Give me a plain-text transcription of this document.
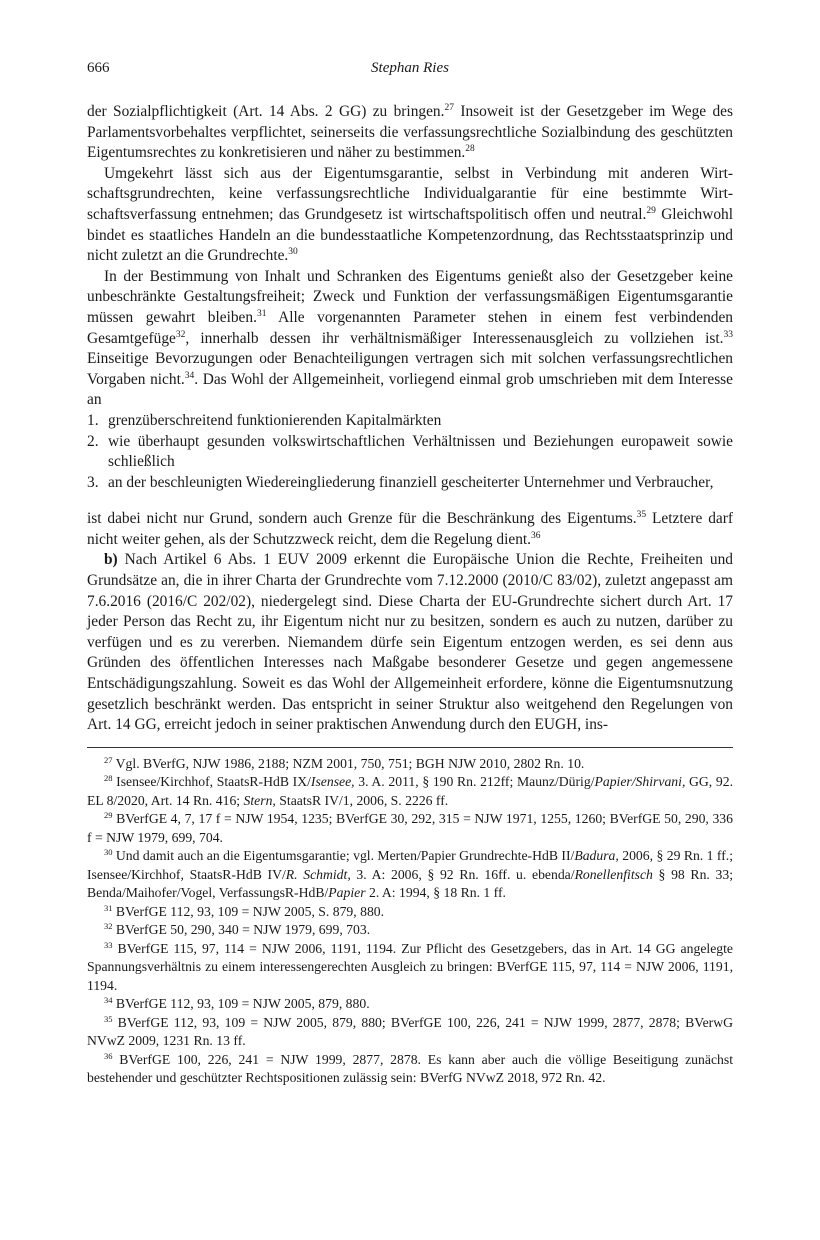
666	Stephan Ries

der Sozialpflichtigkeit (Art. 14 Abs. 2 GG) zu bringen.$^{27}$ Insoweit ist der Gesetzgeber im Wege des Parlamentsvorbehaltes verpflichtet, seinerseits die verfassungsrechtliche Sozialbindung des geschützten Eigentumsrechtes zu konkretisieren und näher zu bestimmen.$^{28}$

Umgekehrt lässt sich aus der Eigentumsgarantie, selbst in Verbindung mit anderen Wirtschaftsgrundrechten, keine verfassungsrechtliche Individualgarantie für eine bestimmte Wirtschaftsverfassung entnehmen; das Grundgesetz ist wirtschaftspolitisch offen und neutral.$^{29}$ Gleichwohl bindet es staatliches Handeln an die bundesstaatliche Kompetenzordnung, das Rechtsstaatsprinzip und nicht zuletzt an die Grundrechte.$^{30}$

In der Bestimmung von Inhalt und Schranken des Eigentums genießt also der Gesetzgeber keine unbeschränkte Gestaltungsfreiheit; Zweck und Funktion der verfassungsmäßigen Eigentumsgarantie müssen gewahrt bleiben.$^{31}$ Alle vorgenannten Parameter stehen in einem fest verbindenden Gesamtgefüge$^{32}$, innerhalb dessen ihr verhältnismäßiger Interessenausgleich zu vollziehen ist.$^{33}$ Einseitige Bevorzugungen oder Benachteiligungen vertragen sich mit solchen verfassungsrechtlichen Vorgaben nicht.$^{34}$. Das Wohl der Allgemeinheit, vorliegend einmal grob umschrieben mit dem Interesse an

1. grenzüberschreitend funktionierenden Kapitalmärkten
2. wie überhaupt gesunden volkswirtschaftlichen Verhältnissen und Beziehungen europaweit sowie schließlich
3. an der beschleunigten Wiedereingliederung finanziell gescheiterter Unternehmer und Verbraucher,

ist dabei nicht nur Grund, sondern auch Grenze für die Beschränkung des Eigentums.$^{35}$ Letztere darf nicht weiter gehen, als der Schutzzweck reicht, dem die Regelung dient.$^{36}$

b) Nach Artikel 6 Abs. 1 EUV 2009 erkennt die Europäische Union die Rechte, Freiheiten und Grundsätze an, die in ihrer Charta der Grundrechte vom 7.12.2000 (2010/C 83/02), zuletzt angepasst am 7.6.2016 (2016/C 202/02), niedergelegt sind. Diese Charta der EU-Grundrechte sichert durch Art. 17 jeder Person das Recht zu, ihr Eigentum nicht nur zu besitzen, sondern es auch zu nutzen, darüber zu verfügen und es zu vererben. Niemandem dürfe sein Eigentum entzogen werden, es sei denn aus Gründen des öffentlichen Interesses nach Maßgabe besonderer Gesetze und gegen angemessene Entschädigungszahlung. Soweit es das Wohl der Allgemeinheit erfordere, könne die Eigentumsnutzung gesetzlich beschränkt werden. Das entspricht in seiner Struktur also weitgehend den Regelungen von Art. 14 GG, erreicht jedoch in seiner praktischen Anwendung durch den EUGH, ins-

$^{27}$ Vgl. BVerfG, NJW 1986, 2188; NZM 2001, 750, 751; BGH NJW 2010, 2802 Rn. 10.
$^{28}$ Isensee/Kirchhof, StaatsR-HdB IX/Isensee, 3. A. 2011, § 190 Rn. 212ff; Maunz/Dürig/Papier/Shirvani, GG, 92. EL 8/2020, Art. 14 Rn. 416; Stern, StaatsR IV/1, 2006, S. 2226 ff.
$^{29}$ BVerfGE 4, 7, 17 f = NJW 1954, 1235; BVerfGE 30, 292, 315 = NJW 1971, 1255, 1260; BVerfGE 50, 290, 336 f = NJW 1979, 699, 704.
$^{30}$ Und damit auch an die Eigentumsgarantie; vgl. Merten/Papier Grundrechte-HdB II/Badura, 2006, § 29 Rn. 1 ff.; Isensee/Kirchhof, StaatsR-HdB IV/R. Schmidt, 3. A: 2006, § 92 Rn. 16ff. u. ebenda/Ronellenfitsch § 98 Rn. 33; Benda/Maihofer/Vogel, VerfassungsR-HdB/Papier 2. A: 1994, § 18 Rn. 1 ff.
$^{31}$ BVerfGE 112, 93, 109 = NJW 2005, S. 879, 880.
$^{32}$ BVerfGE 50, 290, 340 = NJW 1979, 699, 703.
$^{33}$ BVerfGE 115, 97, 114 = NJW 2006, 1191, 1194. Zur Pflicht des Gesetzgebers, das in Art. 14 GG angelegte Spannungsverhältnis zu einem interessengerechten Ausgleich zu bringen: BVerfGE 115, 97, 114 = NJW 2006, 1191, 1194.
$^{34}$ BVerfGE 112, 93, 109 = NJW 2005, 879, 880.
$^{35}$ BVerfGE 112, 93, 109 = NJW 2005, 879, 880; BVerfGE 100, 226, 241 = NJW 1999, 2877, 2878; BVerwG NVwZ 2009, 1231 Rn. 13 ff.
$^{36}$ BVerfGE 100, 226, 241 = NJW 1999, 2877, 2878. Es kann aber auch die völlige Beseitigung zunächst bestehender und geschützter Rechtspositionen zulässig sein: BVerfG NVwZ 2018, 972 Rn. 42.
